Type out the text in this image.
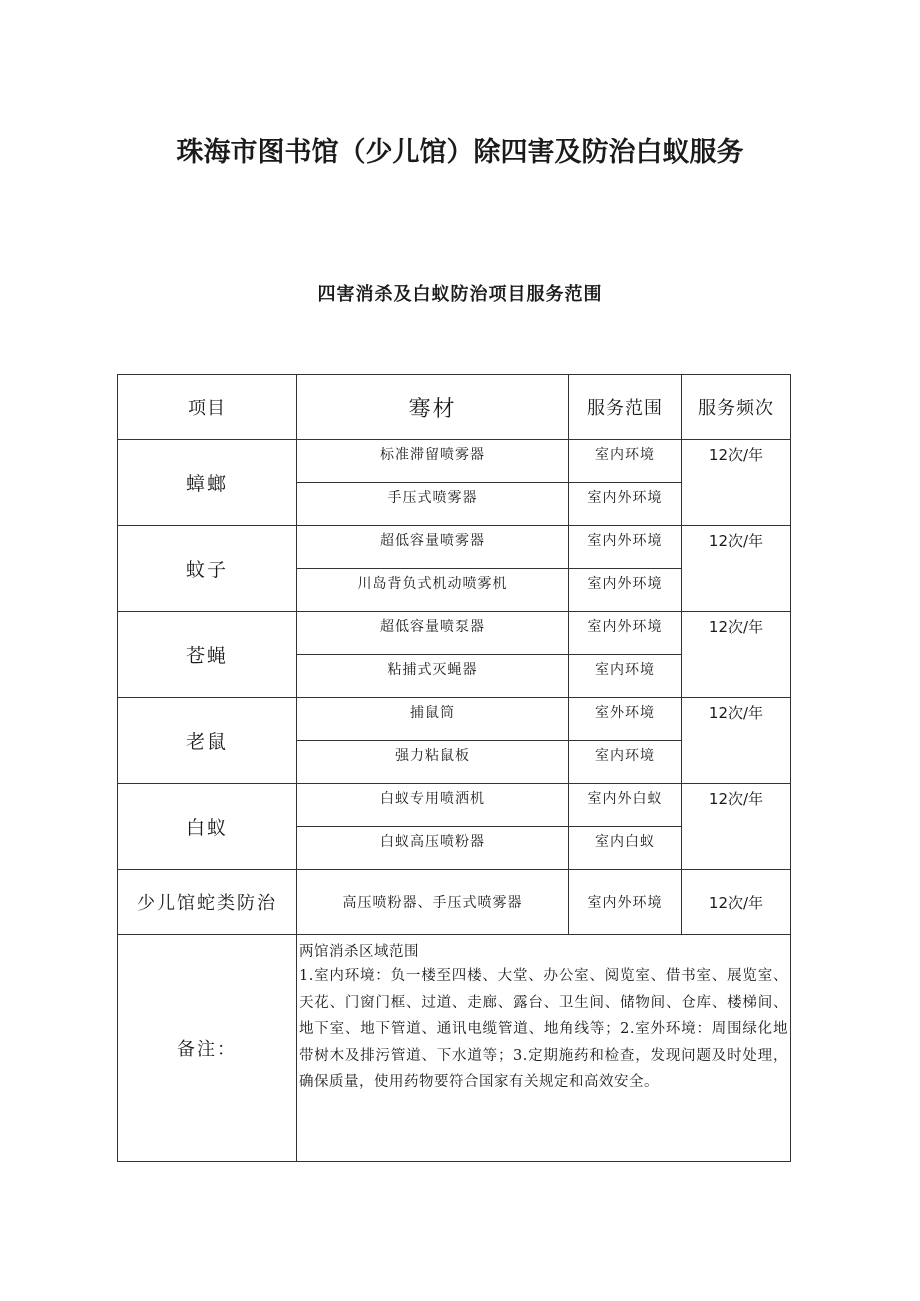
珠海市图书馆（少儿馆）除四害及防治白蚁服务
四害消杀及白蚁防治项目服务范围
项目	骞材	服务范围	服务频次
蟑螂	标准滞留喷雾器	室内环境	12次/年
	手压式喷雾器	室内外环境	
蚊子	超低容量喷雾器	室内外环境	12次/年
	川岛背负式机动喷雾机	室内外环境	
苍蝇	超低容量喷泵器	室内外环境	12次/年
	粘捕式灭蝇器	室内环境	
老鼠	捕鼠筒	室外环境	12次/年
	强力粘鼠板	室内环境	
白蚁	白蚁专用喷洒机	室内外白蚁	12次/年
	白蚁高压喷粉器	室内白蚁	
少儿馆蛇类防治	高压喷粉器、手压式喷雾器	室内外环境	12次/年
备注：	两馆消杀区域范围
1.室内环境：负一楼至四楼、大堂、办公室、阅览室、借书室、展览室、天花、门窗门框、过道、走廊、露台、卫生间、储物间、仓库、楼梯间、地下室、地下管道、通讯电缆管道、地角线等；2.室外环境：周围绿化地带树木及排污管道、下水道等；3.定期施药和检查，发现问题及时处理，确保质量，使用药物要符合国家有关规定和高效安全。		
